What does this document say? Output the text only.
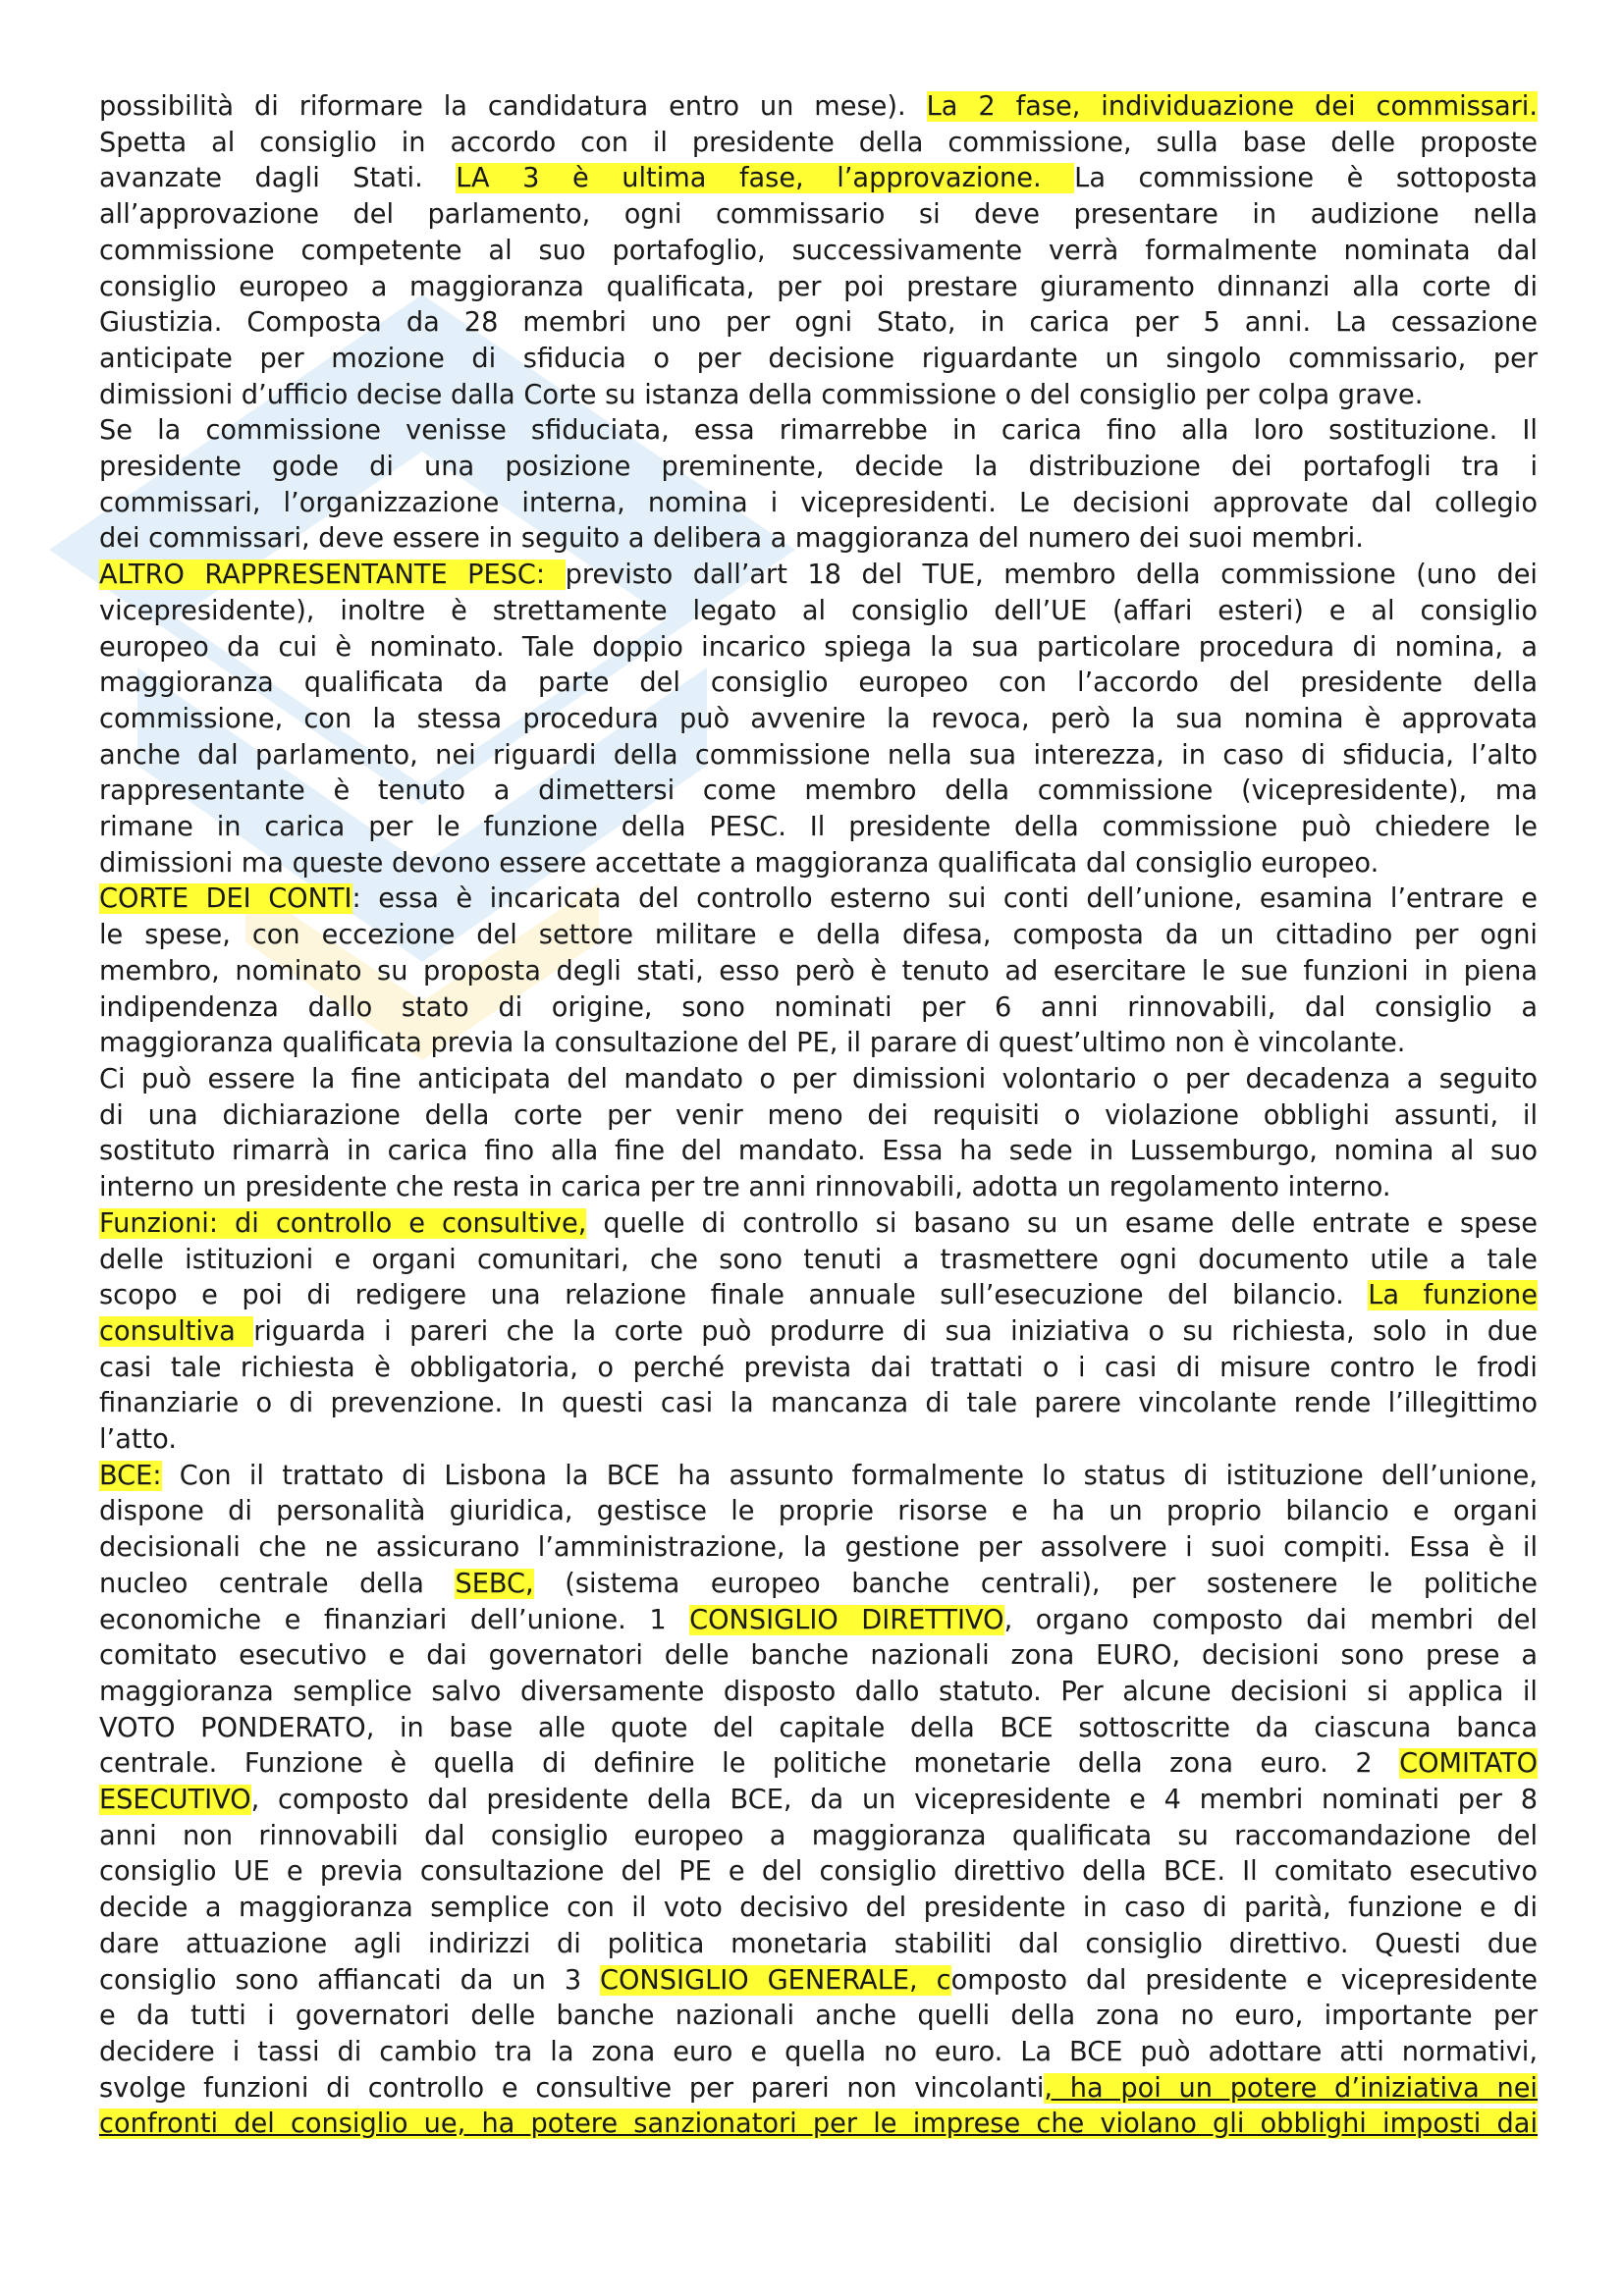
possibilità di riformare la candidatura entro un mese). La 2 fase, individuazione dei commissari.

Spetta al consiglio in accordo con il presidente della commissione, sulla base delle proposte

avanzate dagli Stati. LA 3 è ultima fase, l’approvazione. La commissione è sottoposta

all’approvazione del parlamento, ogni commissario si deve presentare in audizione nella

commissione competente al suo portafoglio, successivamente verrà formalmente nominata dal

consiglio europeo a maggioranza qualificata, per poi prestare giuramento dinnanzi alla corte di

Giustizia. Composta da 28 membri uno per ogni Stato, in carica per 5 anni. La cessazione

anticipate per mozione di sfiducia o per decisione riguardante un singolo commissario, per

dimissioni d’ufficio decise dalla Corte su istanza della commissione o del consiglio per colpa grave.

Se la commissione venisse sfiduciata, essa rimarrebbe in carica fino alla loro sostituzione. Il

presidente gode di una posizione preminente, decide la distribuzione dei portafogli tra i

commissari, l’organizzazione interna, nomina i vicepresidenti. Le decisioni approvate dal collegio

dei commissari, deve essere in seguito a delibera a maggioranza del numero dei suoi membri.

ALTRO RAPPRESENTANTE PESC: previsto dall’art 18 del TUE, membro della commissione (uno dei

vicepresidente), inoltre è strettamente legato al consiglio dell’UE (affari esteri) e al consiglio

europeo da cui è nominato. Tale doppio incarico spiega la sua particolare procedura di nomina, a

maggioranza qualificata da parte del consiglio europeo con l’accordo del presidente della

commissione, con la stessa procedura può avvenire la revoca, però la sua nomina è approvata

anche dal parlamento, nei riguardi della commissione nella sua interezza, in caso di sfiducia, l’alto

rappresentante è tenuto a dimettersi come membro della commissione (vicepresidente), ma

rimane in carica per le funzione della PESC. Il presidente della commissione può chiedere le

dimissioni ma queste devono essere accettate a maggioranza qualificata dal consiglio europeo.

CORTE DEI CONTI: essa è incaricata del controllo esterno sui conti dell’unione, esamina l’entrare e

le spese, con eccezione del settore militare e della difesa, composta da un cittadino per ogni

membro, nominato su proposta degli stati, esso però è tenuto ad esercitare le sue funzioni in piena

indipendenza dallo stato di origine, sono nominati per 6 anni rinnovabili, dal consiglio a

maggioranza qualificata previa la consultazione del PE, il parare di quest’ultimo non è vincolante.

Ci può essere la fine anticipata del mandato o per dimissioni volontario o per decadenza a seguito

di una dichiarazione della corte per venir meno dei requisiti o violazione obblighi assunti, il

sostituto rimarrà in carica fino alla fine del mandato. Essa ha sede in Lussemburgo, nomina al suo

interno un presidente che resta in carica per tre anni rinnovabili, adotta un regolamento interno.

Funzioni: di controllo e consultive, quelle di controllo si basano su un esame delle entrate e spese

delle istituzioni e organi comunitari, che sono tenuti a trasmettere ogni documento utile a tale

scopo e poi di redigere una relazione finale annuale sull’esecuzione del bilancio. La funzione

consultiva riguarda i pareri che la corte può produrre di sua iniziativa o su richiesta, solo in due

casi tale richiesta è obbligatoria, o perché prevista dai trattati o i casi di misure contro le frodi

finanziarie o di prevenzione. In questi casi la mancanza di tale parere vincolante rende l’illegittimo

l’atto.

BCE: Con il trattato di Lisbona la BCE ha assunto formalmente lo status di istituzione dell’unione,

dispone di personalità giuridica, gestisce le proprie risorse e ha un proprio bilancio e organi

decisionali che ne assicurano l’amministrazione, la gestione per assolvere i suoi compiti. Essa è il

nucleo centrale della SEBC, (sistema europeo banche centrali), per sostenere le politiche

economiche e finanziari dell’unione. 1 CONSIGLIO DIRETTIVO, organo composto dai membri del

comitato esecutivo e dai governatori delle banche nazionali zona EURO, decisioni sono prese a

maggioranza semplice salvo diversamente disposto dallo statuto. Per alcune decisioni si applica il

VOTO PONDERATO, in base alle quote del capitale della BCE sottoscritte da ciascuna banca

centrale. Funzione è quella di definire le politiche monetarie della zona euro. 2 COMITATO

ESECUTIVO, composto dal presidente della BCE, da un vicepresidente e 4 membri nominati per 8

anni non rinnovabili dal consiglio europeo a maggioranza qualificata su raccomandazione del

consiglio UE e previa consultazione del PE e del consiglio direttivo della BCE. Il comitato esecutivo

decide a maggioranza semplice con il voto decisivo del presidente in caso di parità, funzione e di

dare attuazione agli indirizzi di politica monetaria stabiliti dal consiglio direttivo. Questi due

consiglio sono affiancati da un 3 CONSIGLIO GENERALE, composto dal presidente e vicepresidente

e da tutti i governatori delle banche nazionali anche quelli della zona no euro, importante per

decidere i tassi di cambio tra la zona euro e quella no euro. La BCE può adottare atti normativi,

svolge funzioni di controllo e consultive per pareri non vincolanti, ha poi un potere d’iniziativa nei

confronti del consiglio ue, ha potere sanzionatori per le imprese che violano gli obblighi imposti dai
